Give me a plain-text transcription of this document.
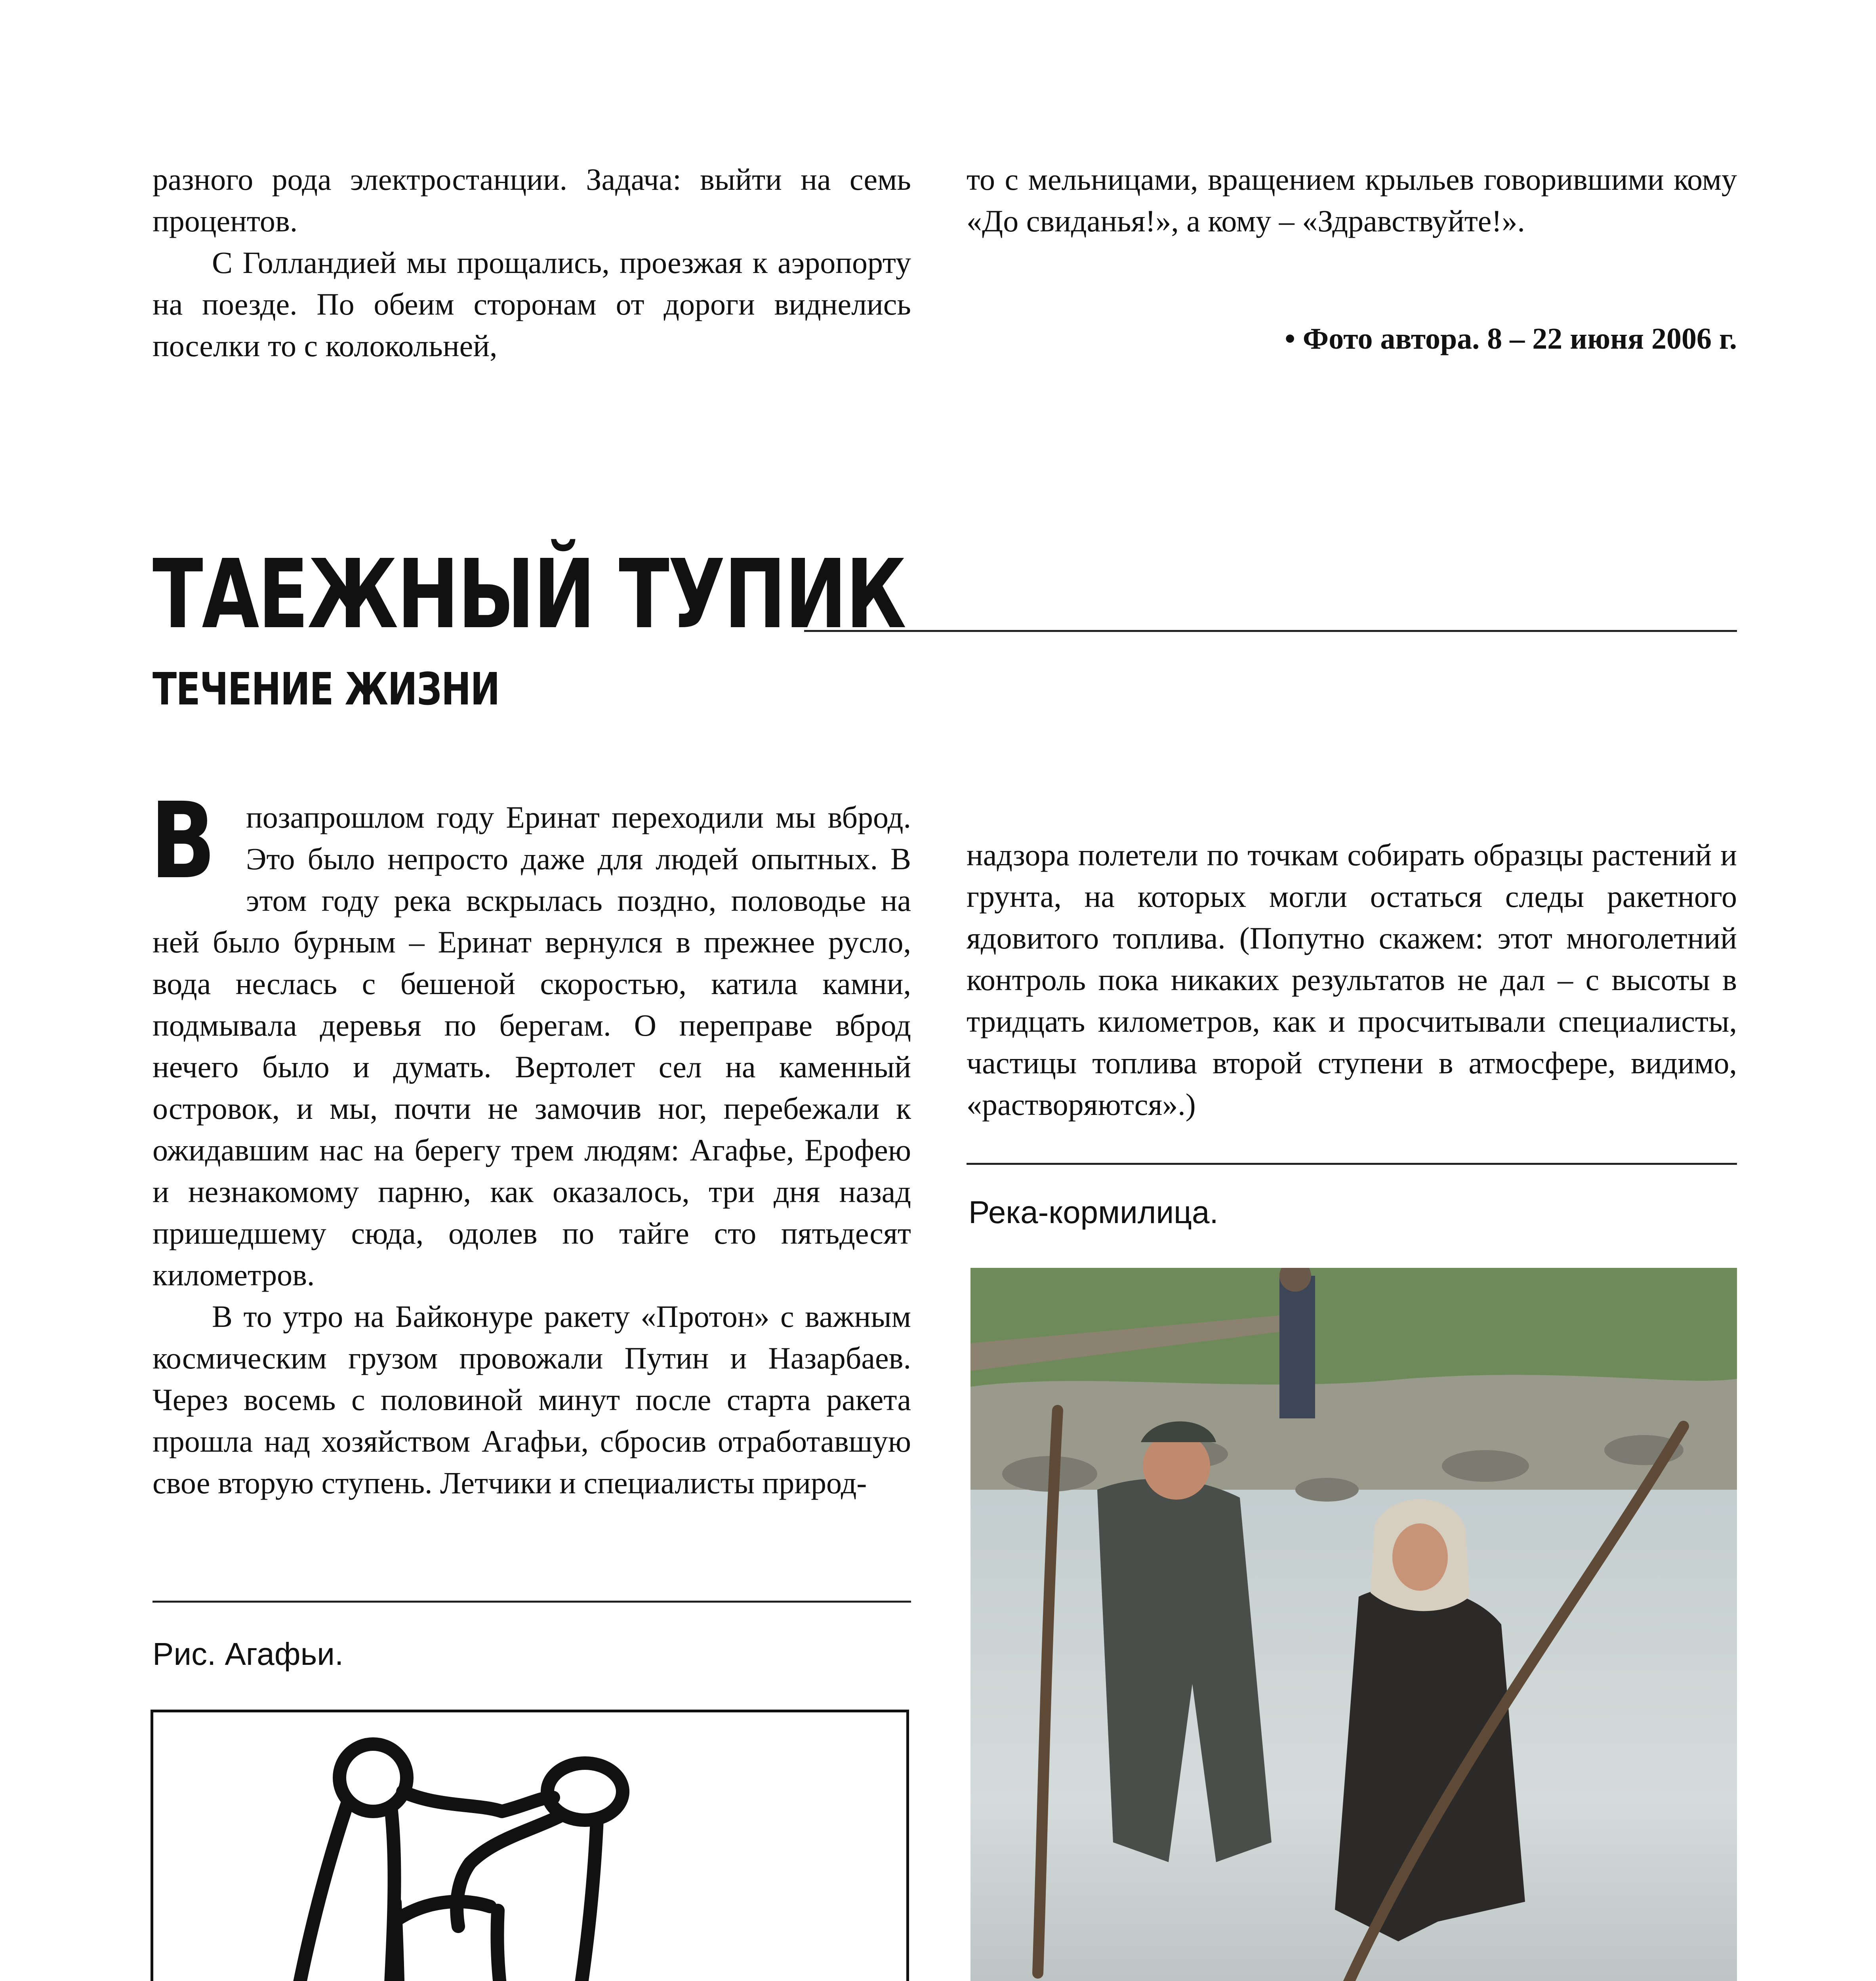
разного рода электростанции. Задача: выйти на семь процентов.

С Голландией мы прощались, проезжая к аэропорту на поезде. По обеим сторонам от дороги виднелись поселки то с колокольней,

то с мельницами, вращением крыльев говорившими кому «До свиданья!», а кому – «Здравствуйте!».

• Фото автора. 8 – 22 июня 2006 г.
ТАЕЖНЫЙ ТУПИК
ТЕЧЕНИЕ ЖИЗНИ

Впозапрошлом году Еринат переходили мы вброд. Это было непросто даже для людей опытных. В этом году река вскрылась поздно, половодье на ней было бурным – Еринат вернулся в прежнее русло, вода неслась с бешеной скоростью, катила камни, подмывала деревья по берегам. О переправе вброд нечего было и думать. Вертолет сел на каменный островок, и мы, почти не замочив ног, перебежали к ожидавшим нас на берегу трем людям: Агафье, Ерофею и незнакомому парню, как оказалось, три дня назад пришедшему сюда, одолев по тайге сто пятьдесят километров.

В то утро на Байконуре ракету «Протон» с важным космическим грузом провожали Путин и Назарбаев. Через восемь с половиной минут после старта ракета прошла над хозяйством Агафьи, сбросив отработавшую свое вторую ступень. Летчики и специалисты природ-

Рис. Агафьи.

надзора полетели по точкам собирать образцы растений и грунта, на которых могли остаться следы ракетного ядовитого топлива. (Попутно скажем: этот многолетний контроль пока никаких результатов не дал – с высоты в тридцать километров, как и просчитывали специалисты, частицы топлива второй ступени в атмосфере, видимо, «растворяются».)

Река-кормилица.
